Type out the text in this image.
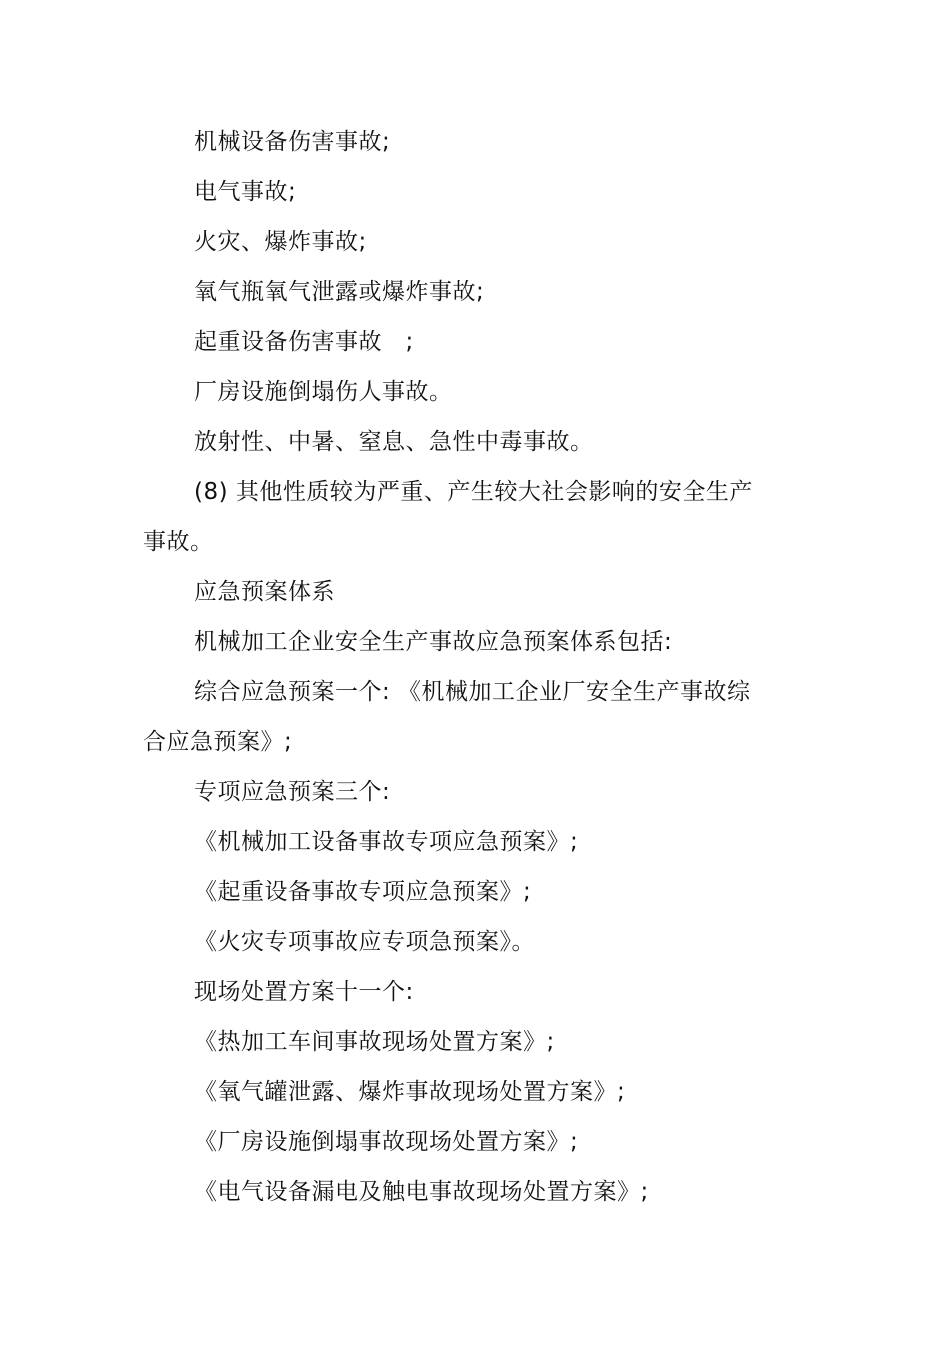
机械设备伤害事故;
电气事故;
火灾、爆炸事故;
氧气瓶氧气泄露或爆炸事故;
起重设备伤害事故　;
厂房设施倒塌伤人事故。
放射性、中暑、窒息、急性中毒事故。
(8) 其他性质较为严重、产生较大社会影响的安全生产
事故。
应急预案体系
机械加工企业安全生产事故应急预案体系包括:
综合应急预案一个: 《机械加工企业厂安全生产事故综
合应急预案》;
专项应急预案三个:
《机械加工设备事故专项应急预案》;
《起重设备事故专项应急预案》;
《火灾专项事故应专项急预案》。
现场处置方案十一个:
《热加工车间事故现场处置方案》;
《氧气罐泄露、爆炸事故现场处置方案》;
《厂房设施倒塌事故现场处置方案》;
《电气设备漏电及触电事故现场处置方案》;
